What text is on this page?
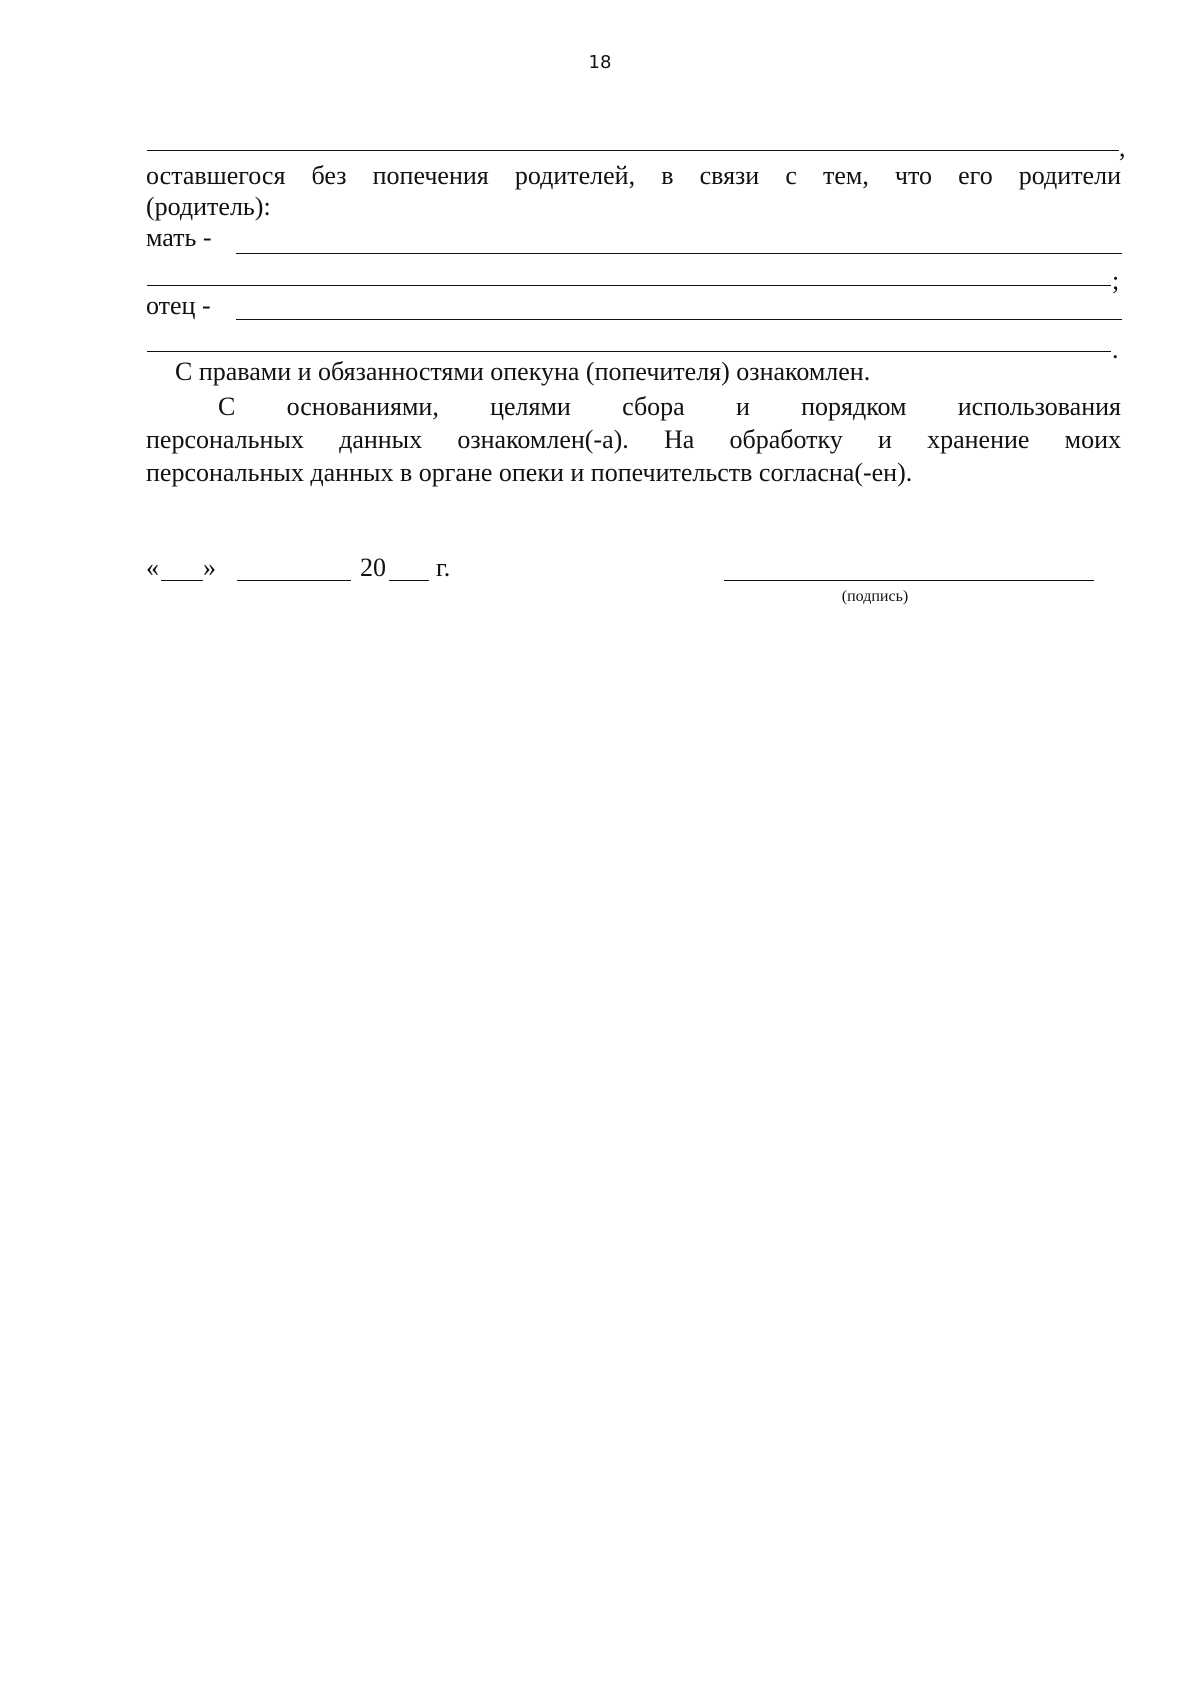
18
,
оставшегося без попечения родителей, в связи с тем, что его родители
(родитель):
мать -
;
отец -
.
С правами и обязанностями опекуна (попечителя) ознакомлен.
С основаниями, целями сбора и порядком использования
персональных данных ознакомлен(-а). На обработку и хранение моих
персональных данных в органе опеки и попечительств согласна(-ен).
« »	20 г.
(подпись)
